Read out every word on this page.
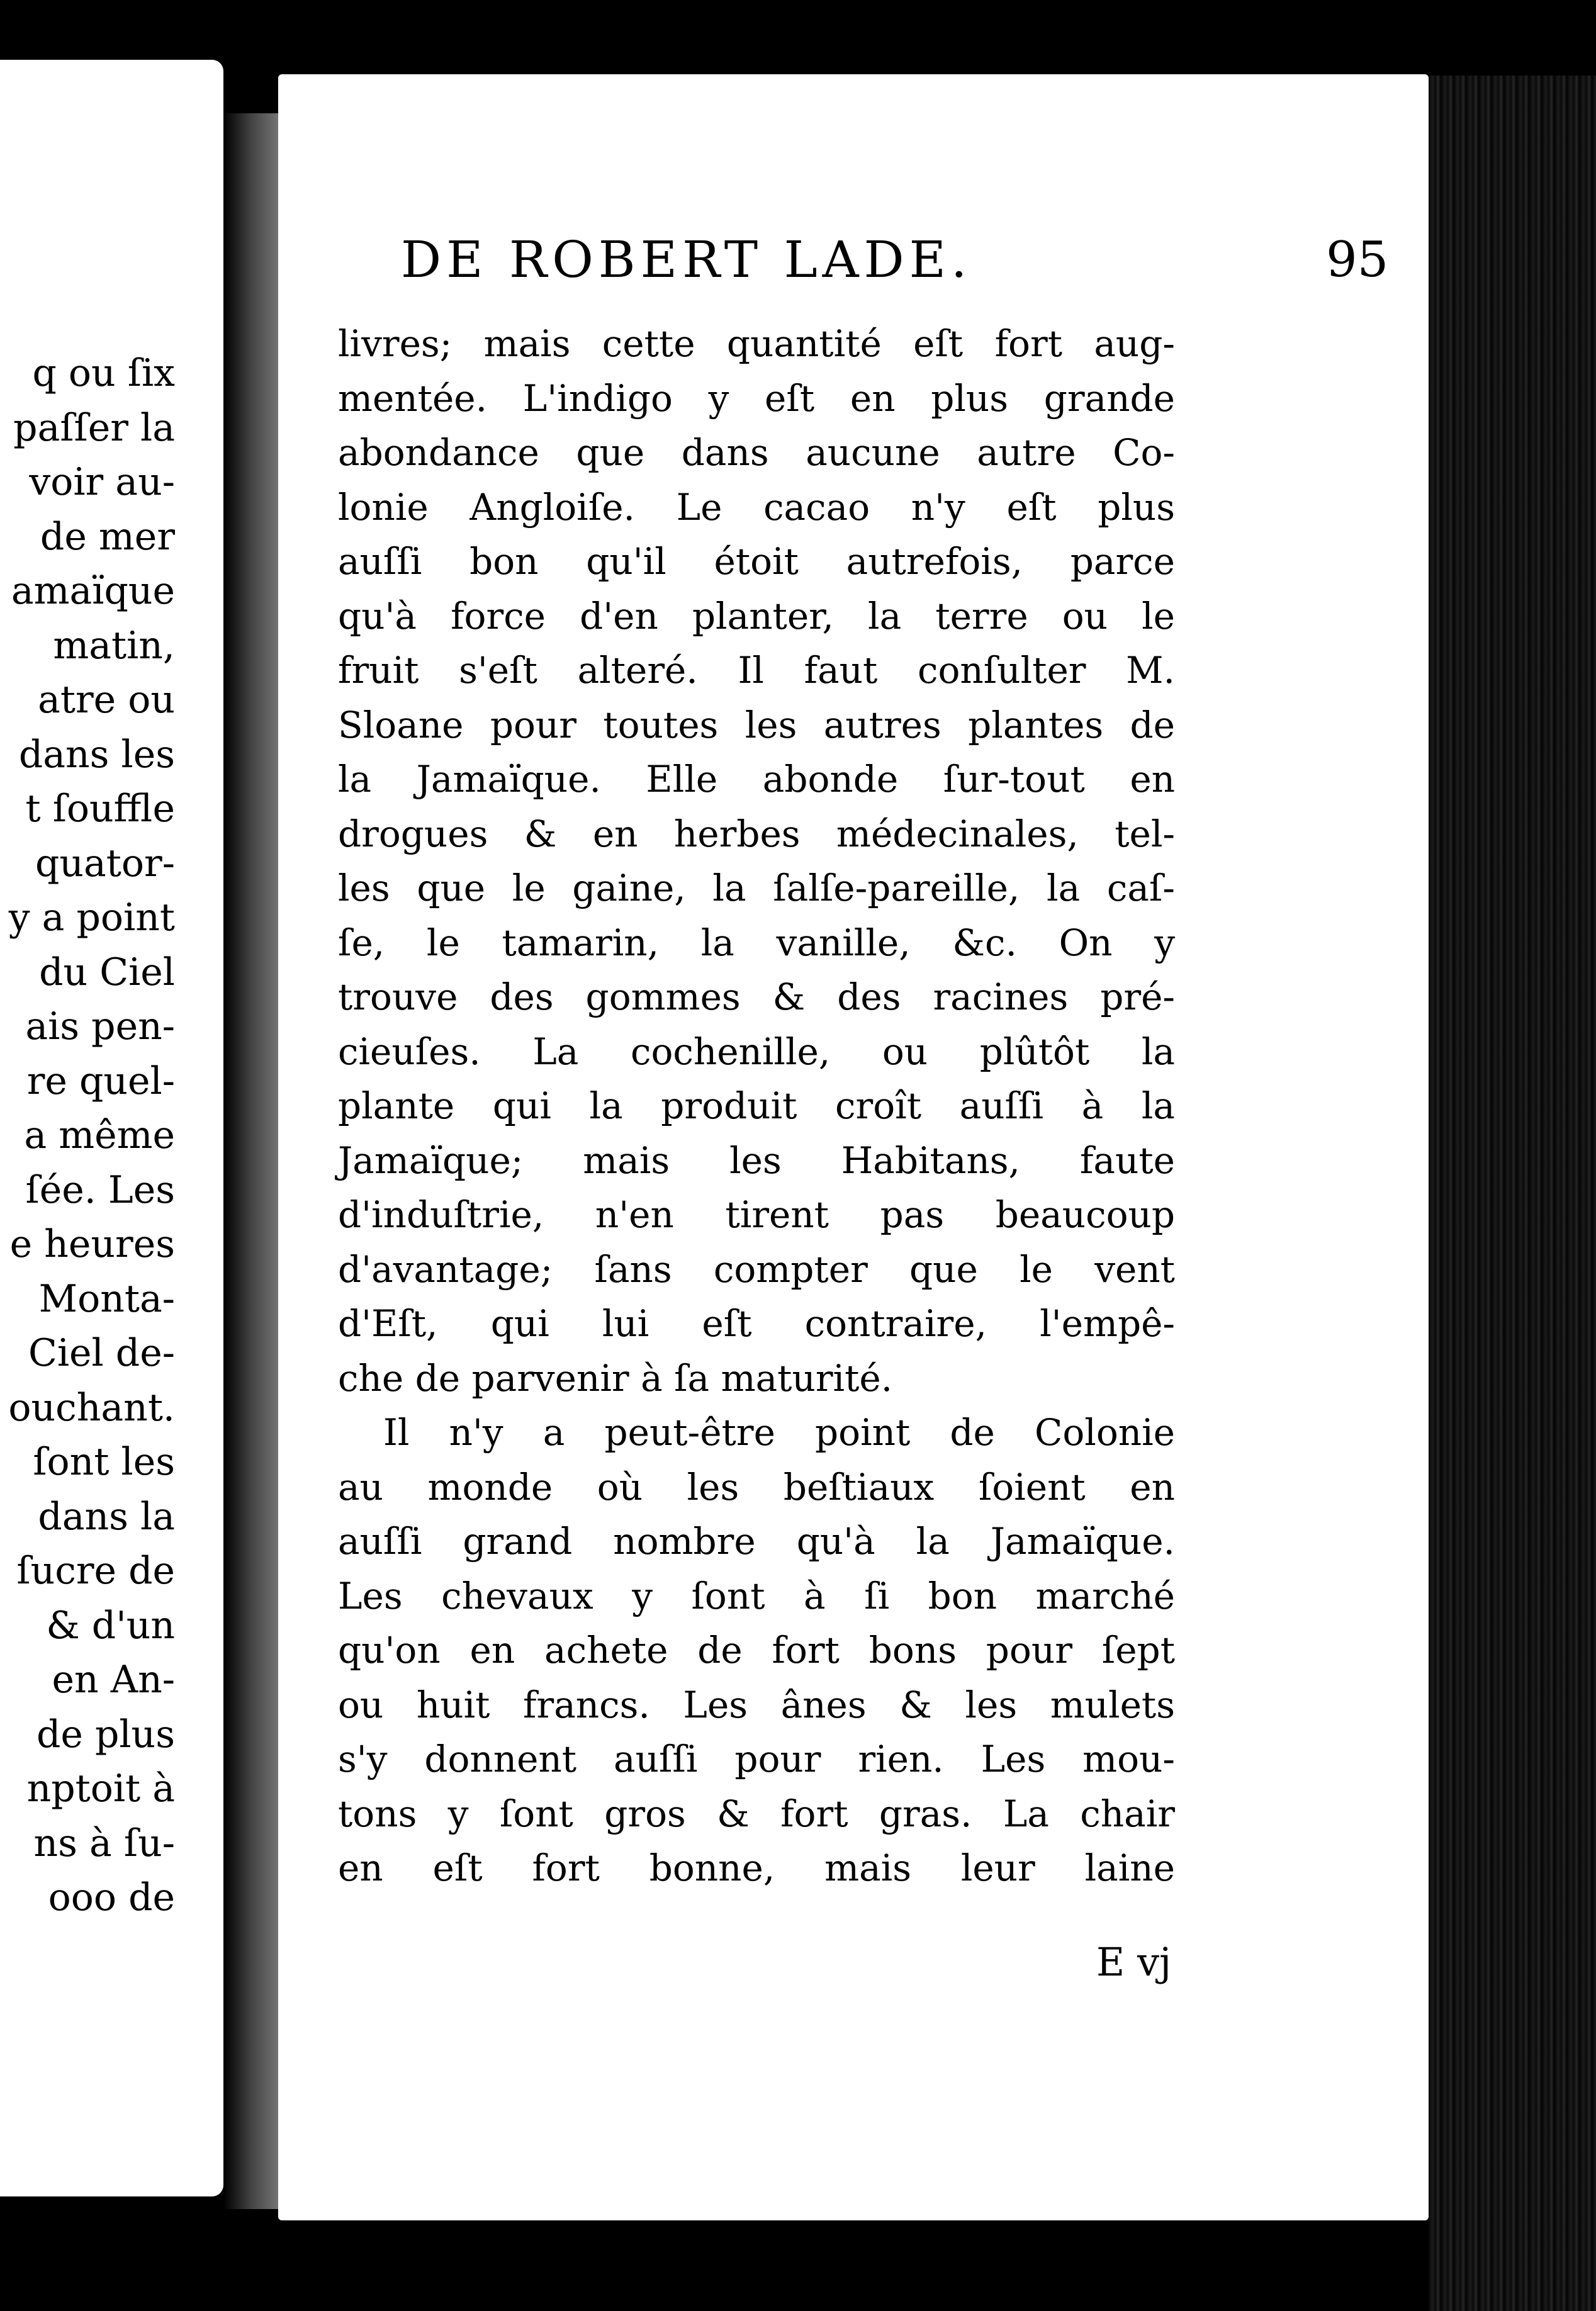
q ou ſix
paſſer la
voir au-
de mer
amaïque
matin,
atre ou
dans les
t ſouffle
quator-
y a point
du Ciel
ais pen-
re quel-
a même
ſée. Les
e heures
Monta-
Ciel de-
ouchant.
ſont les
dans la
ſucre de
& d'un
en An-
de plus
nptoit à
ns à ſu-
ooo de
DE ROBERT LADE.	95
livres; mais cette quantité eſt fort aug-
mentée. L'indigo y eſt en plus grande
abondance que dans aucune autre Co-
lonie Angloiſe. Le cacao n'y eſt plus
auſſi bon qu'il étoit autrefois, parce
qu'à force d'en planter, la terre ou le
fruit s'eſt alteré. Il faut conſulter M.
Sloane pour toutes les autres plantes de
la Jamaïque. Elle abonde ſur-tout en
drogues & en herbes médecinales, tel-
les que le gaine, la ſalſe-pareille, la caſ-
ſe, le tamarin, la vanille, &c. On y
trouve des gommes & des racines pré-
cieuſes. La cochenille, ou plûtôt la
plante qui la produit croît auſſi à la
Jamaïque; mais les Habitans, faute
d'induſtrie, n'en tirent pas beaucoup
d'avantage; ſans compter que le vent
d'Eſt, qui lui eſt contraire, l'empê-
che de parvenir à ſa maturité.
Il n'y a peut-être point de Colonie
au monde où les beſtiaux ſoient en
auſſi grand nombre qu'à la Jamaïque.
Les chevaux y ſont à ſi bon marché
qu'on en achete de fort bons pour ſept
ou huit francs. Les ânes & les mulets
s'y donnent auſſi pour rien. Les mou-
tons y ſont gros & fort gras. La chair
en eſt fort bonne, mais leur laine
E vj
